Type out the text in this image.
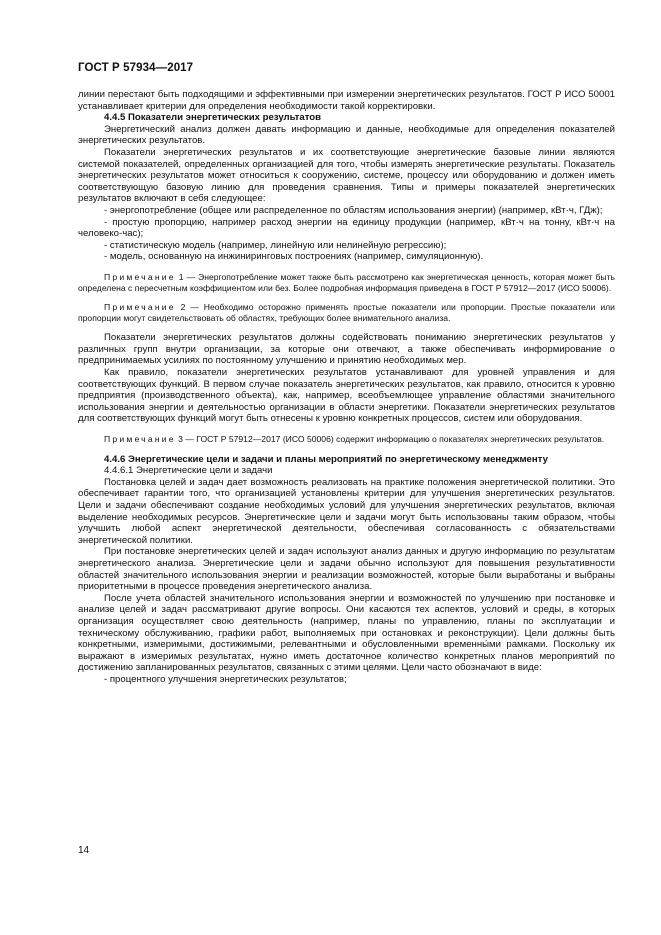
ГОСТ Р 57934—2017

линии перестают быть подходящими и эффективными при измерении энергетических результатов. ГОСТ Р ИСО 50001 устанавливает критерии для определения необходимости такой корректировки.

4.4.5 Показатели энергетических результатов

Энергетический анализ должен давать информацию и данные, необходимые для определения показателей энергетических результатов.

Показатели энергетических результатов и их соответствующие энергетические базовые линии являются системой показателей, определенных организацией для того, чтобы измерять энергетические результаты. Показатель энергетических результатов может относиться к сооружению, системе, процессу или оборудованию и должен иметь соответствующую базовую линию для проведения сравнения. Типы и примеры показателей энергетических результатов включают в себя следующее:

- энергопотребление (общее или распределенное по областям использования энергии) (например, кВт·ч, ГДж);

- простую пропорцию, например расход энергии на единицу продукции (например, кВт·ч на тонну, кВт·ч на человеко-час);

- статистическую модель (например, линейную или нелинейную регрессию);

- модель, основанную на инжиниринговых построениях (например, симуляционную).

Примечание 1 — Энергопотребление может также быть рассмотрено как энергетическая ценность, которая может быть определена с пересчетным коэффициентом или без. Более подробная информация приведена в ГОСТ Р 57912—2017 (ИСО 50006).

Примечание 2 — Необходимо осторожно применять простые показатели или пропорции. Простые показатели или пропорции могут свидетельствовать об областях, требующих более внимательного анализа.

Показатели энергетических результатов должны содействовать пониманию энергетических результатов у различных групп внутри организации, за которые они отвечают, а также обеспечивать информирование о предпринимаемых усилиях по постоянному улучшению и принятию необходимых мер.

Как правило, показатели энергетических результатов устанавливают для уровней управления и для соответствующих функций. В первом случае показатель энергетических результатов, как правило, относится к уровню предприятия (производственного объекта), как, например, всеобъемлющее управление областями значительного использования энергии и деятельностью организации в области энергетики. Показатели энергетических результатов для соответствующих функций могут быть отнесены к уровню конкретных процессов, систем или оборудования.

Примечание 3 — ГОСТ Р 57912—2017 (ИСО 50006) содержит информацию о показателях энергетических результатов.

4.4.6 Энергетические цели и задачи и планы мероприятий по энергетическому менеджменту

4.4.6.1 Энергетические цели и задачи

Постановка целей и задач дает возможность реализовать на практике положения энергетической политики. Это обеспечивает гарантии того, что организацией установлены критерии для улучшения энергетических результатов. Цели и задачи обеспечивают создание необходимых условий для улучшения энергетических результатов, включая выделение необходимых ресурсов. Энергетические цели и задачи могут быть использованы таким образом, чтобы улучшить любой аспект энергетической деятельности, обеспечивая согласованность с обязательствами энергетической политики.

При постановке энергетических целей и задач используют анализ данных и другую информацию по результатам энергетического анализа. Энергетические цели и задачи обычно используют для повышения результативности областей значительного использования энергии и реализации возможностей, которые были выработаны и выбраны приоритетными в процессе проведения энергетического анализа.

После учета областей значительного использования энергии и возможностей по улучшению при постановке и анализе целей и задач рассматривают другие вопросы. Они касаются тех аспектов, условий и среды, в которых организация осуществляет свою деятельность (например, планы по управлению, планы по эксплуатации и техническому обслуживанию, графики работ, выполняемых при остановках и реконструкции). Цели должны быть конкретными, измеримыми, достижимыми, релевантными и обусловленными временны́ми рамками. Поскольку их выражают в измеримых результатах, нужно иметь достаточное количество конкретных планов мероприятий по достижению запланированных результатов, связанных с этими целями. Цели часто обозначают в виде:

- процентного улучшения энергетических результатов;

14
